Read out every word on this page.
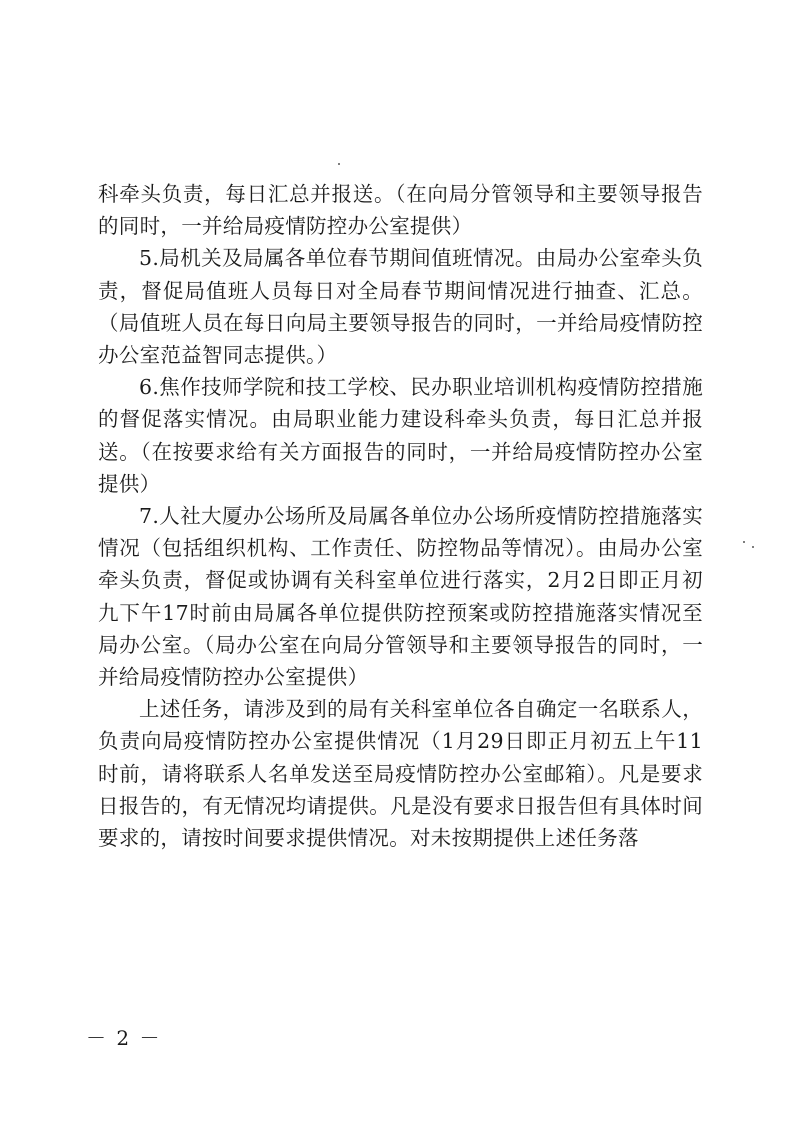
科牵头负责，每日汇总并报送。（在向局分管领导和主要领导报告的同时，一并给局疫情防控办公室提供）

5.局机关及局属各单位春节期间值班情况。由局办公室牵头负责，督促局值班人员每日对全局春节期间情况进行抽查、汇总。（局值班人员在每日向局主要领导报告的同时，一并给局疫情防控办公室范益智同志提供。）

6.焦作技师学院和技工学校、民办职业培训机构疫情防控措施的督促落实情况。由局职业能力建设科牵头负责，每日汇总并报送。（在按要求给有关方面报告的同时，一并给局疫情防控办公室提供）

7.人社大厦办公场所及局属各单位办公场所疫情防控措施落实情况（包括组织机构、工作责任、防控物品等情况）。由局办公室牵头负责，督促或协调有关科室单位进行落实，2月2日即正月初九下午17时前由局属各单位提供防控预案或防控措施落实情况至局办公室。（局办公室在向局分管领导和主要领导报告的同时，一并给局疫情防控办公室提供）

上述任务，请涉及到的局有关科室单位各自确定一名联系人，负责向局疫情防控办公室提供情况（1月29日即正月初五上午11时前，请将联系人名单发送至局疫情防控办公室邮箱）。凡是要求日报告的，有无情况均请提供。凡是没有要求日报告但有具体时间要求的，请按时间要求提供情况。对未按期提供上述任务落

－ 2 －
